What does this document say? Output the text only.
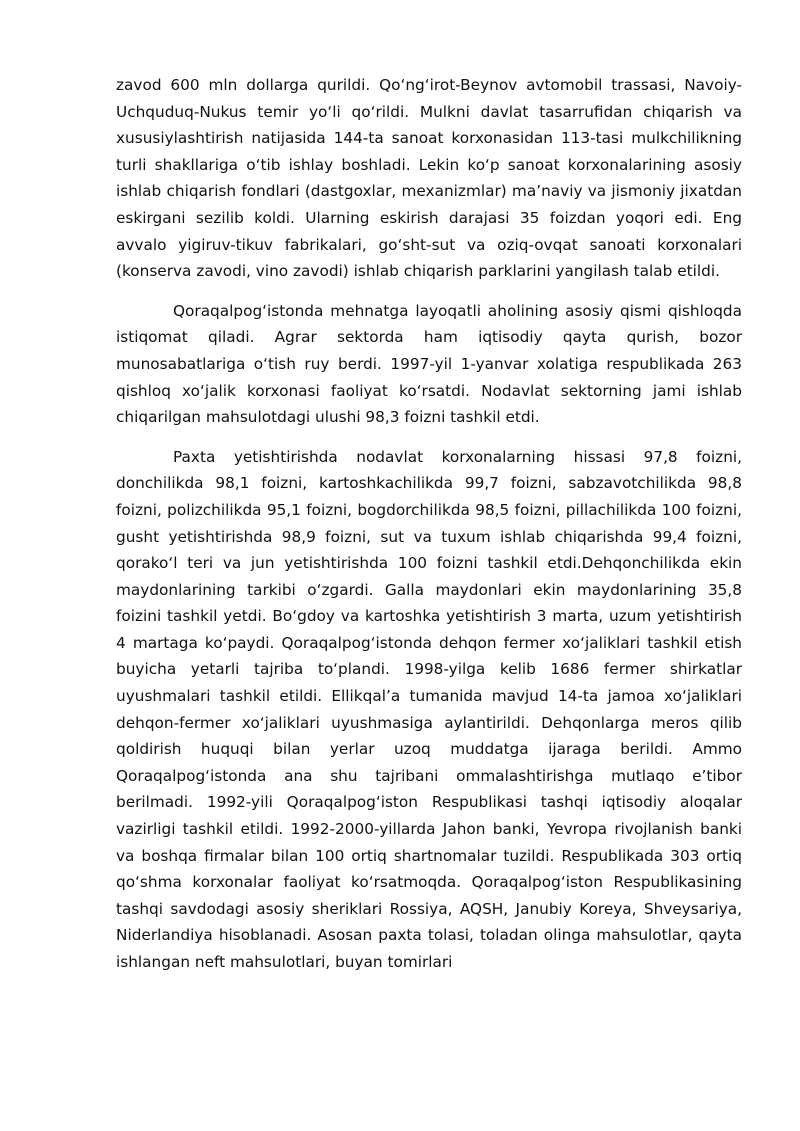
zavod 600 mln dollarga qurildi. Qo‘ng‘irot-Beynov avtomobil trassasi, Navoiy- Uchquduq-Nukus temir yo‘li qo‘rildi. Mulkni davlat tasarrufidan chiqarish va xususiylashtirish natijasida 144-ta sanoat korxonasidan 113-tasi mulkchilikning turli shakllariga o‘tib ishlay boshladi. Lekin ko‘p sanoat korxonalarining asosiy ishlab chiqarish fondlari (dastgoxlar, mexanizmlar) ma’naviy va jismoniy jixatdan eskirgani sezilib koldi. Ularning eskirish darajasi 35 foizdan yoqori edi. Eng avvalo yigiruv-tikuv fabrikalari, go‘sht-sut va oziq-ovqat sanoati korxonalari (konserva zavodi, vino zavodi) ishlab chiqarish parklarini yangilash talab etildi.

Qoraqalpog‘istonda mehnatga layoqatli aholining asosiy qismi qishloqda istiqomat qiladi. Agrar sektorda ham iqtisodiy qayta qurish, bozor munosabatlariga o‘tish ruy berdi. 1997-yil 1-yanvar xolatiga respublikada 263 qishloq xo‘jalik korxonasi faoliyat ko‘rsatdi. Nodavlat sektorning jami ishlab chiqarilgan mahsulotdagi ulushi 98,3 foizni tashkil etdi.

Paxta yetishtirishda nodavlat korxonalarning hissasi 97,8 foizni, donchilikda 98,1 foizni, kartoshkachilikda 99,7 foizni, sabzavotchilikda 98,8 foizni, polizchilikda 95,1 foizni, bogdorchilikda 98,5 foizni, pillachilikda 100 foizni, gusht yetishtirishda 98,9 foizni, sut va tuxum ishlab chiqarishda 99,4 foizni, qorako‘l teri va jun yetishtirishda 100 foizni tashkil etdi.Dehqonchilikda ekin maydonlarining tarkibi o‘zgardi. Galla maydonlari ekin maydonlarining 35,8 foizini tashkil yetdi. Bo‘gdoy va kartoshka yetishtirish 3 marta, uzum yetishtirish 4 martaga ko‘paydi. Qoraqalpog‘istonda dehqon fermer xo‘jaliklari tashkil etish buyicha yetarli tajriba to‘plandi. 1998-yilga kelib 1686 fermer shirkatlar uyushmalari tashkil etildi. Ellikqal’a tumanida mavjud 14-ta jamoa xo‘jaliklari dehqon-fermer xo‘jaliklari uyushmasiga aylantirildi. Dehqonlarga meros qilib qoldirish huquqi bilan yerlar uzoq muddatga ijaraga berildi. Ammo Qoraqalpog‘istonda ana shu tajribani ommalashtirishga mutlaqo e’tibor berilmadi. 1992-yili Qoraqalpog‘iston Respublikasi tashqi iqtisodiy aloqalar vazirligi tashkil etildi. 1992-2000-yillarda Jahon banki, Yevropa rivojlanish banki va boshqa firmalar bilan 100 ortiq shartnomalar tuzildi. Respublikada 303 ortiq qo‘shma korxonalar faoliyat ko‘rsatmoqda. Qoraqalpog‘iston Respublikasining tashqi savdodagi asosiy sheriklari Rossiya, AQSH, Janubiy Koreya, Shveysariya, Niderlandiya hisoblanadi. Asosan paxta tolasi, toladan olinga mahsulotlar, qayta ishlangan neft mahsulotlari, buyan tomirlari
